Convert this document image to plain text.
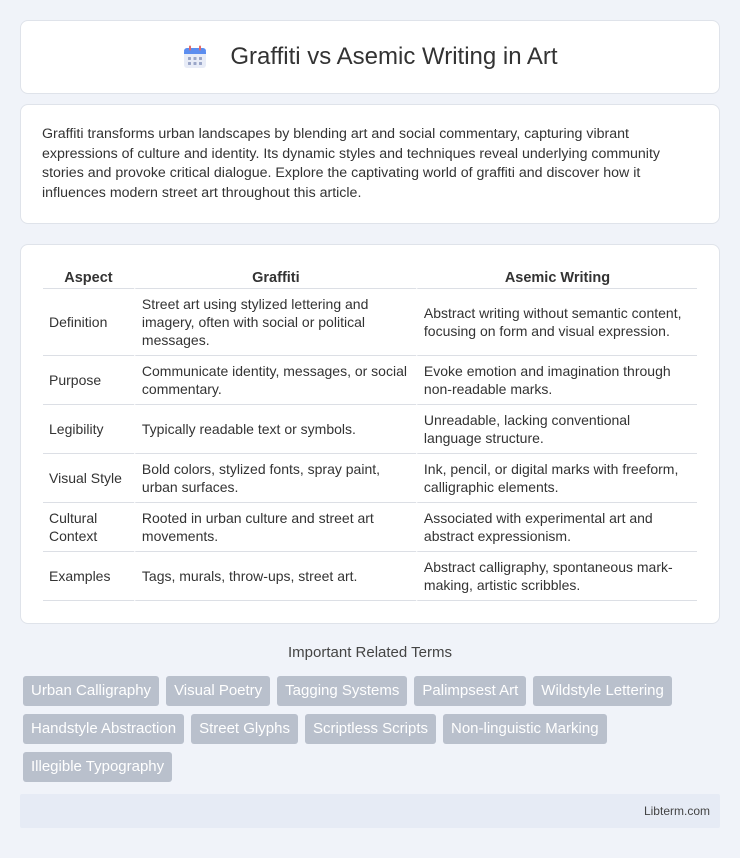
Graffiti vs Asemic Writing in Art

Graffiti transforms urban landscapes by blending art and social commentary, capturing vibrant expressions of culture and identity. Its dynamic styles and techniques reveal underlying community stories and provoke critical dialogue. Explore the captivating world of graffiti and discover how it influences modern street art throughout this article.

Aspect	Graffiti	Asemic Writing
Definition	Street art using stylized lettering and imagery, often with social or political messages.	Abstract writing without semantic content, focusing on form and visual expression.
Purpose	Communicate identity, messages, or social commentary.	Evoke emotion and imagination through non-readable marks.
Legibility	Typically readable text or symbols.	Unreadable, lacking conventional language structure.
Visual Style	Bold colors, stylized fonts, spray paint, urban surfaces.	Ink, pencil, or digital marks with freeform, calligraphic elements.
Cultural Context	Rooted in urban culture and street art movements.	Associated with experimental art and abstract expressionism.
Examples	Tags, murals, throw-ups, street art.	Abstract calligraphy, spontaneous mark-making, artistic scribbles.
Important Related Terms
Urban Calligraphy	Visual Poetry	Tagging Systems	Palimpsest Art	Wildstyle Lettering
Handstyle Abstraction	Street Glyphs	Scriptless Scripts	Non-linguistic Marking
Illegible Typography
Libterm.com
